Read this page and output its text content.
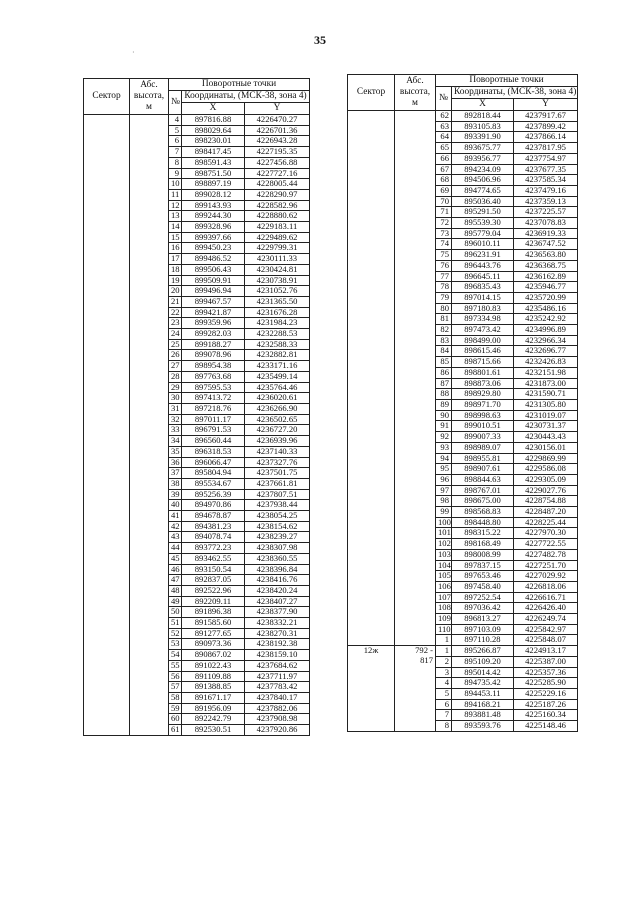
35
·
Сектор	Абс.
высота,
м	Поворотные точки		
		№	Координаты, (МСК-38, зона 4)	

			X	Y
		4	897816.88	4226470.27
		5	898029.64	4226701.36
		6	898230.01	4226943.28
		7	898417.45	4227195.35
		8	898591.43	4227456.88
		9	898751.50	4227727.16
		10	898897.19	4228005.44
		11	899028.12	4228290.97
		12	899143.93	4228582.96
		13	899244.30	4228880.62
		14	899328.96	4229183.11
		15	899397.66	4229489.62
		16	899450.23	4229799.31
		17	899486.52	4230111.33
		18	899506.43	4230424.81
		19	899509.91	4230738.91
		20	899496.94	4231052.76
		21	899467.57	4231365.50
		22	899421.87	4231676.28
		23	899359.96	4231984.23
		24	899282.03	4232288.53
		25	899188.27	4232588.33
		26	899078.96	4232882.81
		27	898954.38	4233171.16
		28	897763.68	4235499.14
		29	897595.53	4235764.46
		30	897413.72	4236020.61
		31	897218.76	4236266.90
		32	897011.17	4236502.65
		33	896791.53	4236727.20
		34	896560.44	4236939.96
		35	896318.53	4237140.33
		36	896066.47	4237327.76
		37	895804.94	4237501.75
		38	895534.67	4237661.81
		39	895256.39	4237807.51
		40	894970.86	4237938.44
		41	894678.87	4238054.25
		42	894381.23	4238154.62
		43	894078.74	4238239.27
		44	893772.23	4238307.98
		45	893462.55	4238360.55
		46	893150.54	4238396.84
		47	892837.05	4238416.76
		48	892522.96	4238420.24
		49	892209.11	4238407.27
		50	891896.38	4238377.90
		51	891585.60	4238332.21
		52	891277.65	4238270.31
		53	890973.36	4238192.38
		54	890867.02	4238159.10
		55	891022.43	4237684.62
		56	891109.88	4237711.97
		57	891388.85	4237783.42
		58	891671.17	4237840.17
		59	891956.09	4237882.06
		60	892242.79	4237908.98
		61	892530.51	4237920.86
Сектор	Абс.
высота,
м	Поворотные точки		
		№	Координаты, (МСК-38, зона 4)	

			X	Y
		62	892818.44	4237917.67
		63	893105.83	4237899.42
		64	893391.90	4237866.14
		65	893675.77	4237817.95
		66	893956.77	4237754.97
		67	894234.09	4237677.35
		68	894506.96	4237585.34
		69	894774.65	4237479.16
		70	895036.40	4237359.13
		71	895291.50	4237225.57
		72	895539.30	4237078.83
		73	895779.04	4236919.33
		74	896010.11	4236747.52
		75	896231.91	4236563.80
		76	896443.76	4236368.75
		77	896645.11	4236162.89
		78	896835.43	4235946.77
		79	897014.15	4235720.99
		80	897180.83	4235486.16
		81	897334.98	4235242.92
		82	897473.42	4234996.89
		83	898499.00	4232966.34
		84	898615.46	4232696.77
		85	898715.66	4232426.83
		86	898801.61	4232151.98
		87	898873.06	4231873.00
		88	898929.80	4231590.71
		89	898971.70	4231305.80
		90	898998.63	4231019.07
		91	899010.51	4230731.37
		92	899007.33	4230443.43
		93	898989.07	4230156.01
		94	898955.81	4229869.99
		95	898907.61	4229586.08
		96	898844.63	4229305.09
		97	898767.01	4229027.76
		98	898675.00	4228754.88
		99	898568.83	4228487.20
		100	898448.80	4228225.44
		101	898315.22	4227970.30
		102	898168.49	4227722.55
		103	898008.99	4227482.78
		104	897837.15	4227251.70
		105	897653.46	4227029.92
		106	897458.40	4226818.06
		107	897252.54	4226616.71
		108	897036.42	4226426.40
		109	896813.27	4226249.74
		110	897103.09	4225842.97
		1	897110.28	4225848.07
12ж	792 -
817	1	895266.87	4224913.17
		2	895109.20	4225387.00
		3	895014.42	4225357.36
		4	894735.42	4225285.90
		5	894453.11	4225229.16
		6	894168.21	4225187.26
		7	893881.48	4225160.34
		8	893593.76	4225148.46
